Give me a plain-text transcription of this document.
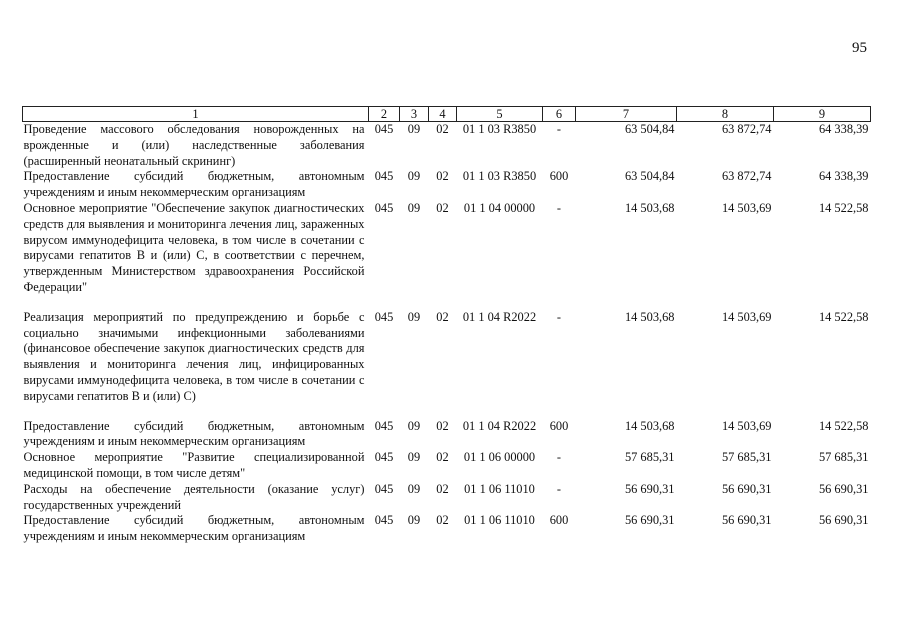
95
1	2	3	4	5	6	7	8	9
Проведение массового обследования новорожденных на врожденные и (или) наследственные заболевания (расширенный неонатальный скрининг)	045	09	02	01 1 03 R3850	-	63 504,84	63 872,74	64 338,39
Предоставление субсидий бюджетным, автономным учреждениям и иным некоммерческим организациям	045	09	02	01 1 03 R3850	600	63 504,84	63 872,74	64 338,39
Основное мероприятие "Обеспечение закупок диагностических средств для выявления и мониторинга лечения лиц, зараженных вирусом иммунодефицита человека, в том числе в сочетании с вирусами гепатитов B и (или) C, в соответствии с перечнем, утвержденным Министерством здравоохранения Российской Федерации"	045	09	02	01 1 04 00000	-	14 503,68	14 503,69	14 522,58
Реализация мероприятий по предупреждению и борьбе с социально значимыми инфекционными заболеваниями (финансовое обеспечение закупок диагностических средств для выявления и мониторинга лечения лиц, инфицированных вирусами иммунодефицита человека, в том числе в сочетании с вирусами гепатитов B и (или) C)	045	09	02	01 1 04 R2022	-	14 503,68	14 503,69	14 522,58
Предоставление субсидий бюджетным, автономным учреждениям и иным некоммерческим организациям	045	09	02	01 1 04 R2022	600	14 503,68	14 503,69	14 522,58
Основное мероприятие "Развитие специализированной медицинской помощи, в том числе детям"	045	09	02	01 1 06 00000	-	57 685,31	57 685,31	57 685,31
Расходы на обеспечение деятельности (оказание услуг) государственных учреждений	045	09	02	01 1 06 11010	-	56 690,31	56 690,31	56 690,31
Предоставление субсидий бюджетным, автономным учреждениям и иным некоммерческим организациям	045	09	02	01 1 06 11010	600	56 690,31	56 690,31	56 690,31
